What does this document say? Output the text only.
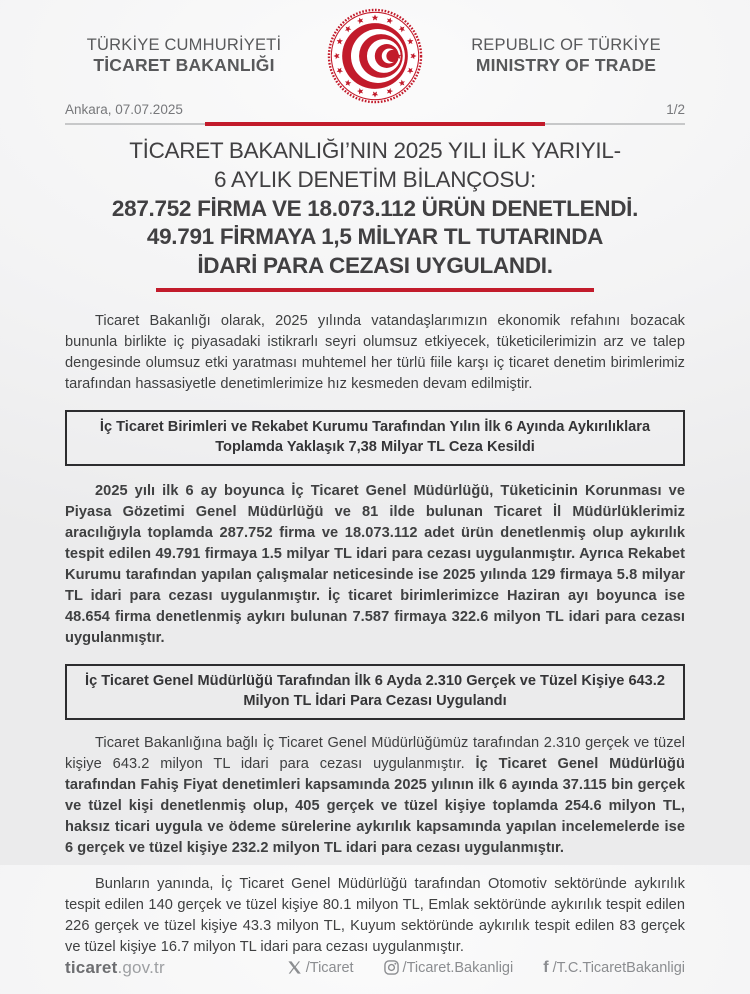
TÜRKİYE CUMHURİYETİ
TİCARET BAKANLIĞI
REPUBLIC OF TÜRKİYE
MINISTRY OF TRADE
Ankara, 07.07.2025	1/2
TİCARET BAKANLIĞI’NIN 2025 YILI İLK YARIYIL-
6 AYLIK DENETİM BİLANÇOSU:
287.752 FİRMA VE 18.073.112 ÜRÜN DENETLENDİ.
49.791 FİRMAYA 1,5 MİLYAR TL TUTARINDA
İDARİ PARA CEZASI UYGULANDI.

Ticaret Bakanlığı olarak, 2025 yılında vatandaşlarımızın ekonomik refahını bozacak bununla birlikte iç piyasadaki istikrarlı seyri olumsuz etkiyecek, tüketicilerimizin arz ve talep dengesinde olumsuz etki yaratması muhtemel her türlü fiile karşı iç ticaret denetim birimlerimiz tarafından hassasiyetle denetimlerimize hız kesmeden devam edilmiştir.

İç Ticaret Birimleri ve Rekabet Kurumu Tarafından Yılın İlk 6 Ayında Aykırılıklara Toplamda Yaklaşık 7,38 Milyar TL Ceza Kesildi

2025 yılı ilk 6 ay boyunca İç Ticaret Genel Müdürlüğü, Tüketicinin Korunması ve Piyasa Gözetimi Genel Müdürlüğü ve 81 ilde bulunan Ticaret İl Müdürlüklerimiz aracılığıyla toplamda 287.752 firma ve 18.073.112 adet ürün denetlenmiş olup aykırılık tespit edilen 49.791 firmaya 1.5 milyar TL idari para cezası uygulanmıştır. Ayrıca Rekabet Kurumu tarafından yapılan çalışmalar neticesinde ise 2025 yılında 129 firmaya 5.8 milyar TL idari para cezası uygulanmıştır. İç ticaret birimlerimizce Haziran ayı boyunca ise 48.654 firma denetlenmiş aykırı bulunan 7.587 firmaya 322.6 milyon TL idari para cezası uygulanmıştır.

İç Ticaret Genel Müdürlüğü Tarafından İlk 6 Ayda 2.310 Gerçek ve Tüzel Kişiye 643.2 Milyon TL İdari Para Cezası Uygulandı

Ticaret Bakanlığına bağlı İç Ticaret Genel Müdürlüğümüz tarafından 2.310 gerçek ve tüzel kişiye 643.2 milyon TL idari para cezası uygulanmıştır. İç Ticaret Genel Müdürlüğü tarafından Fahiş Fiyat denetimleri kapsamında 2025 yılının ilk 6 ayında 37.115 bin gerçek ve tüzel kişi denetlenmiş olup, 405 gerçek ve tüzel kişiye toplamda 254.6 milyon TL, haksız ticari uygula ve ödeme sürelerine aykırılık kapsamında yapılan incelemelerde ise 6 gerçek ve tüzel kişiye 232.2 milyon TL idari para cezası uygulanmıştır.

Bunların yanında, İç Ticaret Genel Müdürlüğü tarafından Otomotiv sektöründe aykırılık tespit edilen 140 gerçek ve tüzel kişiye 80.1 milyon TL, Emlak sektöründe aykırılık tespit edilen 226 gerçek ve tüzel kişiye 43.3 milyon TL, Kuyum sektöründe aykırılık tespit edilen 83 gerçek ve tüzel kişiye 16.7 milyon TL idari para cezası uygulanmıştır.

ticaret.gov.tr	/Ticaret	/Ticaret.Bakanligi f /T.C.TicaretBakanligi
